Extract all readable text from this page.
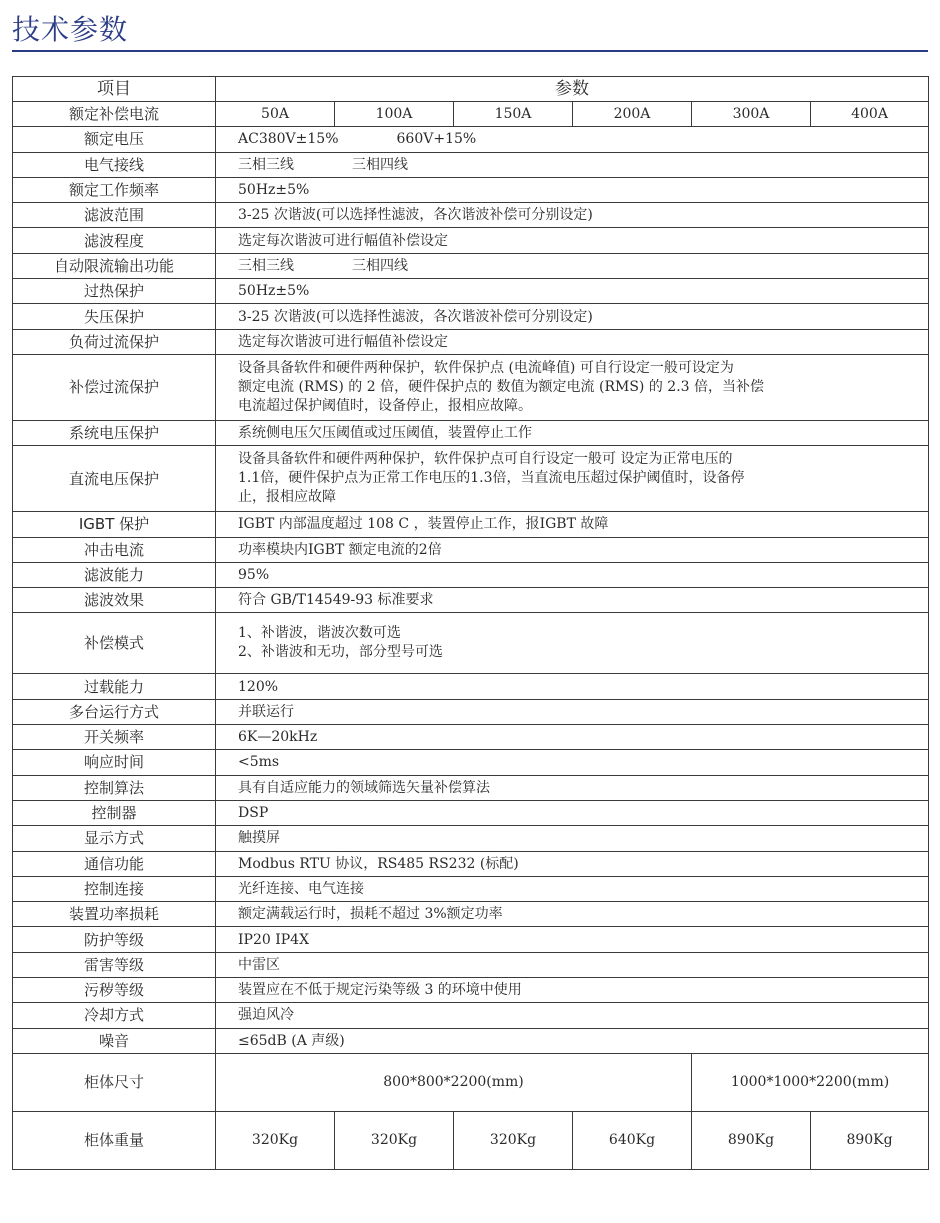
技术参数
项目	参数					
额定补偿电流	50A	100A	150A	200A	300A	400A
额定电压	AC380V±15% 660V+15%					
电气接线	三相三线 三相四线					
额定工作频率	50Hz±5%					
滤波范围	3-25 次谐波(可以选择性滤波，各次谐波补偿可分别设定)					
滤波程度	选定每次谐波可进行幅值补偿设定					
自动限流输出功能	三相三线 三相四线					
过热保护	50Hz±5%					
失压保护	3-25 次谐波(可以选择性滤波，各次谐波补偿可分别设定)					
负荷过流保护	选定每次谐波可进行幅值补偿设定					
补偿过流保护	设备具备软件和硬件两种保护，软件保护点 (电流峰值) 可自行设定一般可设定为
额定电流 (RMS) 的 2 倍，硬件保护点的 数值为额定电流 (RMS) 的 2.3 倍，当补偿
电流超过保护阈值时，设备停止，报相应故障。					

系统电压保护	系统侧电压欠压阈值或过压阈值，装置停止工作					
直流电压保护	设备具备软件和硬件两种保护，软件保护点可自行设定一般可 设定为正常电压的
1.1倍，硬件保护点为正常工作电压的1.3倍，当直流电压超过保护阈值时，设备停
止，报相应故障					

IGBT 保护	IGBT 内部温度超过 108 C ，装置停止工作，报IGBT 故障					
冲击电流	功率模块内IGBT 额定电流的2倍					
滤波能力	95%					
滤波效果	符合 GB/T14549-93 标准要求					
补偿模式	1、补谐波，谐波次数可选
2、补谐波和无功，部分型号可选					

过载能力	120%					
多台运行方式	并联运行					
开关频率	6K—20kHz					
响应时间	<5ms					
控制算法	具有自适应能力的领域筛选矢量补偿算法					
控制器	DSP					
显示方式	触摸屏					
通信功能	Modbus RTU 协议，RS485 RS232 (标配)					
控制连接	光纤连接、电气连接					
装置功率损耗	额定满载运行时，损耗不超过 3%额定功率					
防护等级	IP20 IP4X					
雷害等级	中雷区					
污秽等级	装置应在不低于规定污染等级 3 的环境中使用					
冷却方式	强迫风冷					
噪音	≤65dB (A 声级)					
柜体尺寸	800*800*2200(mm)				1000*1000*2200(mm)	
柜体重量	320Kg	320Kg	320Kg	640Kg	890Kg	890Kg
